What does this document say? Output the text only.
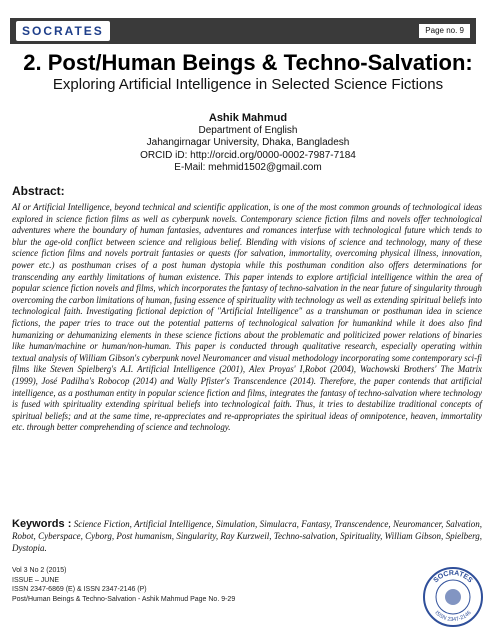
SOCRATES	Page no. 9
2. Post/Human Beings & Techno-Salvation:
Exploring Artificial Intelligence in Selected Science Fictions
Ashik Mahmud
Department of English
Jahangirnagar University, Dhaka, Bangladesh
ORCID iD: http://orcid.org/0000-0002-7987-7184
E-Mail: mehmid1502@gmail.com
Abstract:
AI or Artificial Intelligence, beyond technical and scientific application, is one of the most common grounds of technological ideas explored in science fiction films as well as cyberpunk novels. Contemporary science fiction films and novels offer technological adventures where the boundary of human fantasies, adventures and romances interfuse with technological future which tends to blur the age-old conflict between science and religious belief. Blending with visions of science and technology, many of these science fiction films and novels portrait fantasies or quests (for salvation, immortality, overcoming physical illness, innovation, power etc.) as posthuman crises of a post human dystopia while this posthuman condition also offers determinations for transcending any earthly limitations of human existence. This paper intends to explore artificial intelligence within the area of popular science fiction novels and films, which incorporates the fantasy of techno-salvation in the near future of singularity through overcoming the carbon limitations of human, fusing essence of spirituality with technology as well as extending spiritual beliefs into technological faith. Investigating fictional depiction of "Artificial Intelligence" as a transhuman or posthuman idea in science fictions, the paper tries to trace out the potential patterns of technological salvation for humankind while it does also find humanizing or dehumanizing elements in these science fictions about the problematic and politicized power relations of binaries like human/machine or human/non-human. This paper is conducted through qualitative research, especially operating within textual analysis of William Gibson's cyberpunk novel Neuromancer and visual methodology incorporating some contemporary sci-fi films like Steven Spielberg's A.I. Artificial Intelligence (2001), Alex Proyas' I,Robot (2004), Wachowski Brothers' The Matrix (1999), José Padilha's Robocop (2014) and Wally Pfister's Transcendence (2014). Therefore, the paper contends that artificial intelligence, as a posthuman entity in popular science fiction and films, integrates the fantasy of techno-salvation where technology is fused with spirituality extending spiritual beliefs into technological faith. Thus, it tries to destabilize traditional concepts of spiritual beliefs; and at the same time, re-appreciates and re-appropriates the spiritual ideas of omnipotence, heaven, immortality etc. through better comprehending of science and technology.
Keywords : Science Fiction, Artificial Intelligence, Simulation, Simulacra, Fantasy, Transcendence, Neuromancer, Salvation, Robot, Cyberspace, Cyborg, Post humanism, Singularity, Ray Kurzweil, Techno-salvation, Spirituality, William Gibson, Spielberg, Dystopia.
Vol 3 No 2 (2015)
ISSUE – JUNE
ISSN 2347-6869 (E) & ISSN 2347-2146 (P)
Post/Human Beings & Techno-Salvation - Ashik Mahmud Page No. 9-29
SOCRATES
ISSN 2347-2146
